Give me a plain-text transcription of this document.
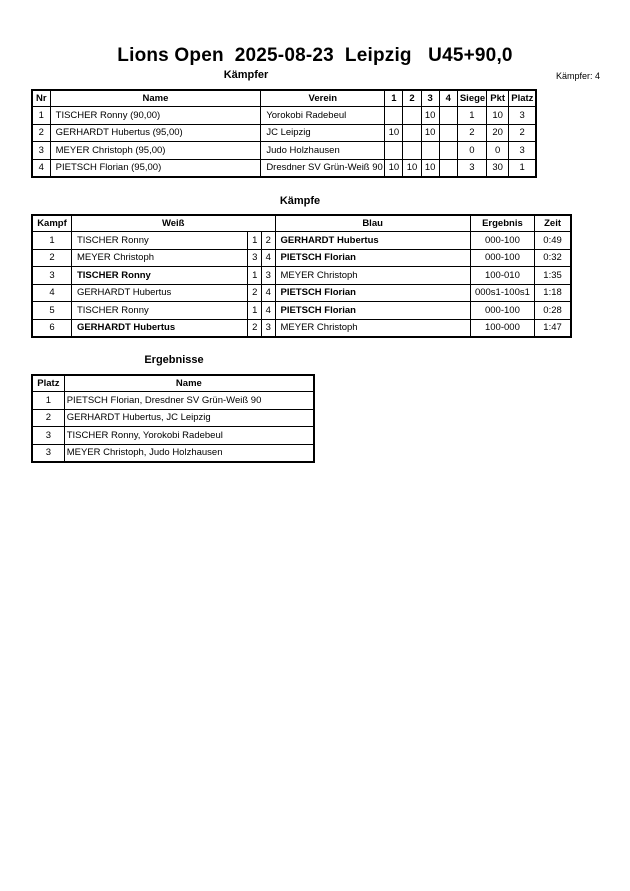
Lions Open  2025-08-23  Leipzig   U45+90,0
Kämpfer	Kämpfer: 4
Nr	Name	Verein	1	2	3	4	Siege	Pkt	Platz
1	TISCHER Ronny (90,00)	Yorokobi Radebeul			10		1	10	3
2	GERHARDT Hubertus (95,00)	JC Leipzig	10		10		2	20	2
3	MEYER Christoph (95,00)	Judo Holzhausen					0	0	3
4	PIETSCH Florian (95,00)	Dresdner SV Grün-Weiß 90	10	10	10		3	30	1
Kämpfe
Kampf	Weiß			Blau	Ergebnis	Zeit
1	TISCHER Ronny	1	2	GERHARDT Hubertus	000-100	0:49
2	MEYER Christoph	3	4	PIETSCH Florian	000-100	0:32
3	TISCHER Ronny	1	3	MEYER Christoph	100-010	1:35
4	GERHARDT Hubertus	2	4	PIETSCH Florian	000s1-100s1	1:18
5	TISCHER Ronny	1	4	PIETSCH Florian	000-100	0:28
6	GERHARDT Hubertus	2	3	MEYER Christoph	100-000	1:47
Ergebnisse
Platz	Name
1	PIETSCH Florian, Dresdner SV Grün-Weiß 90
2	GERHARDT Hubertus, JC Leipzig
3	TISCHER Ronny, Yorokobi Radebeul
3	MEYER Christoph, Judo Holzhausen
